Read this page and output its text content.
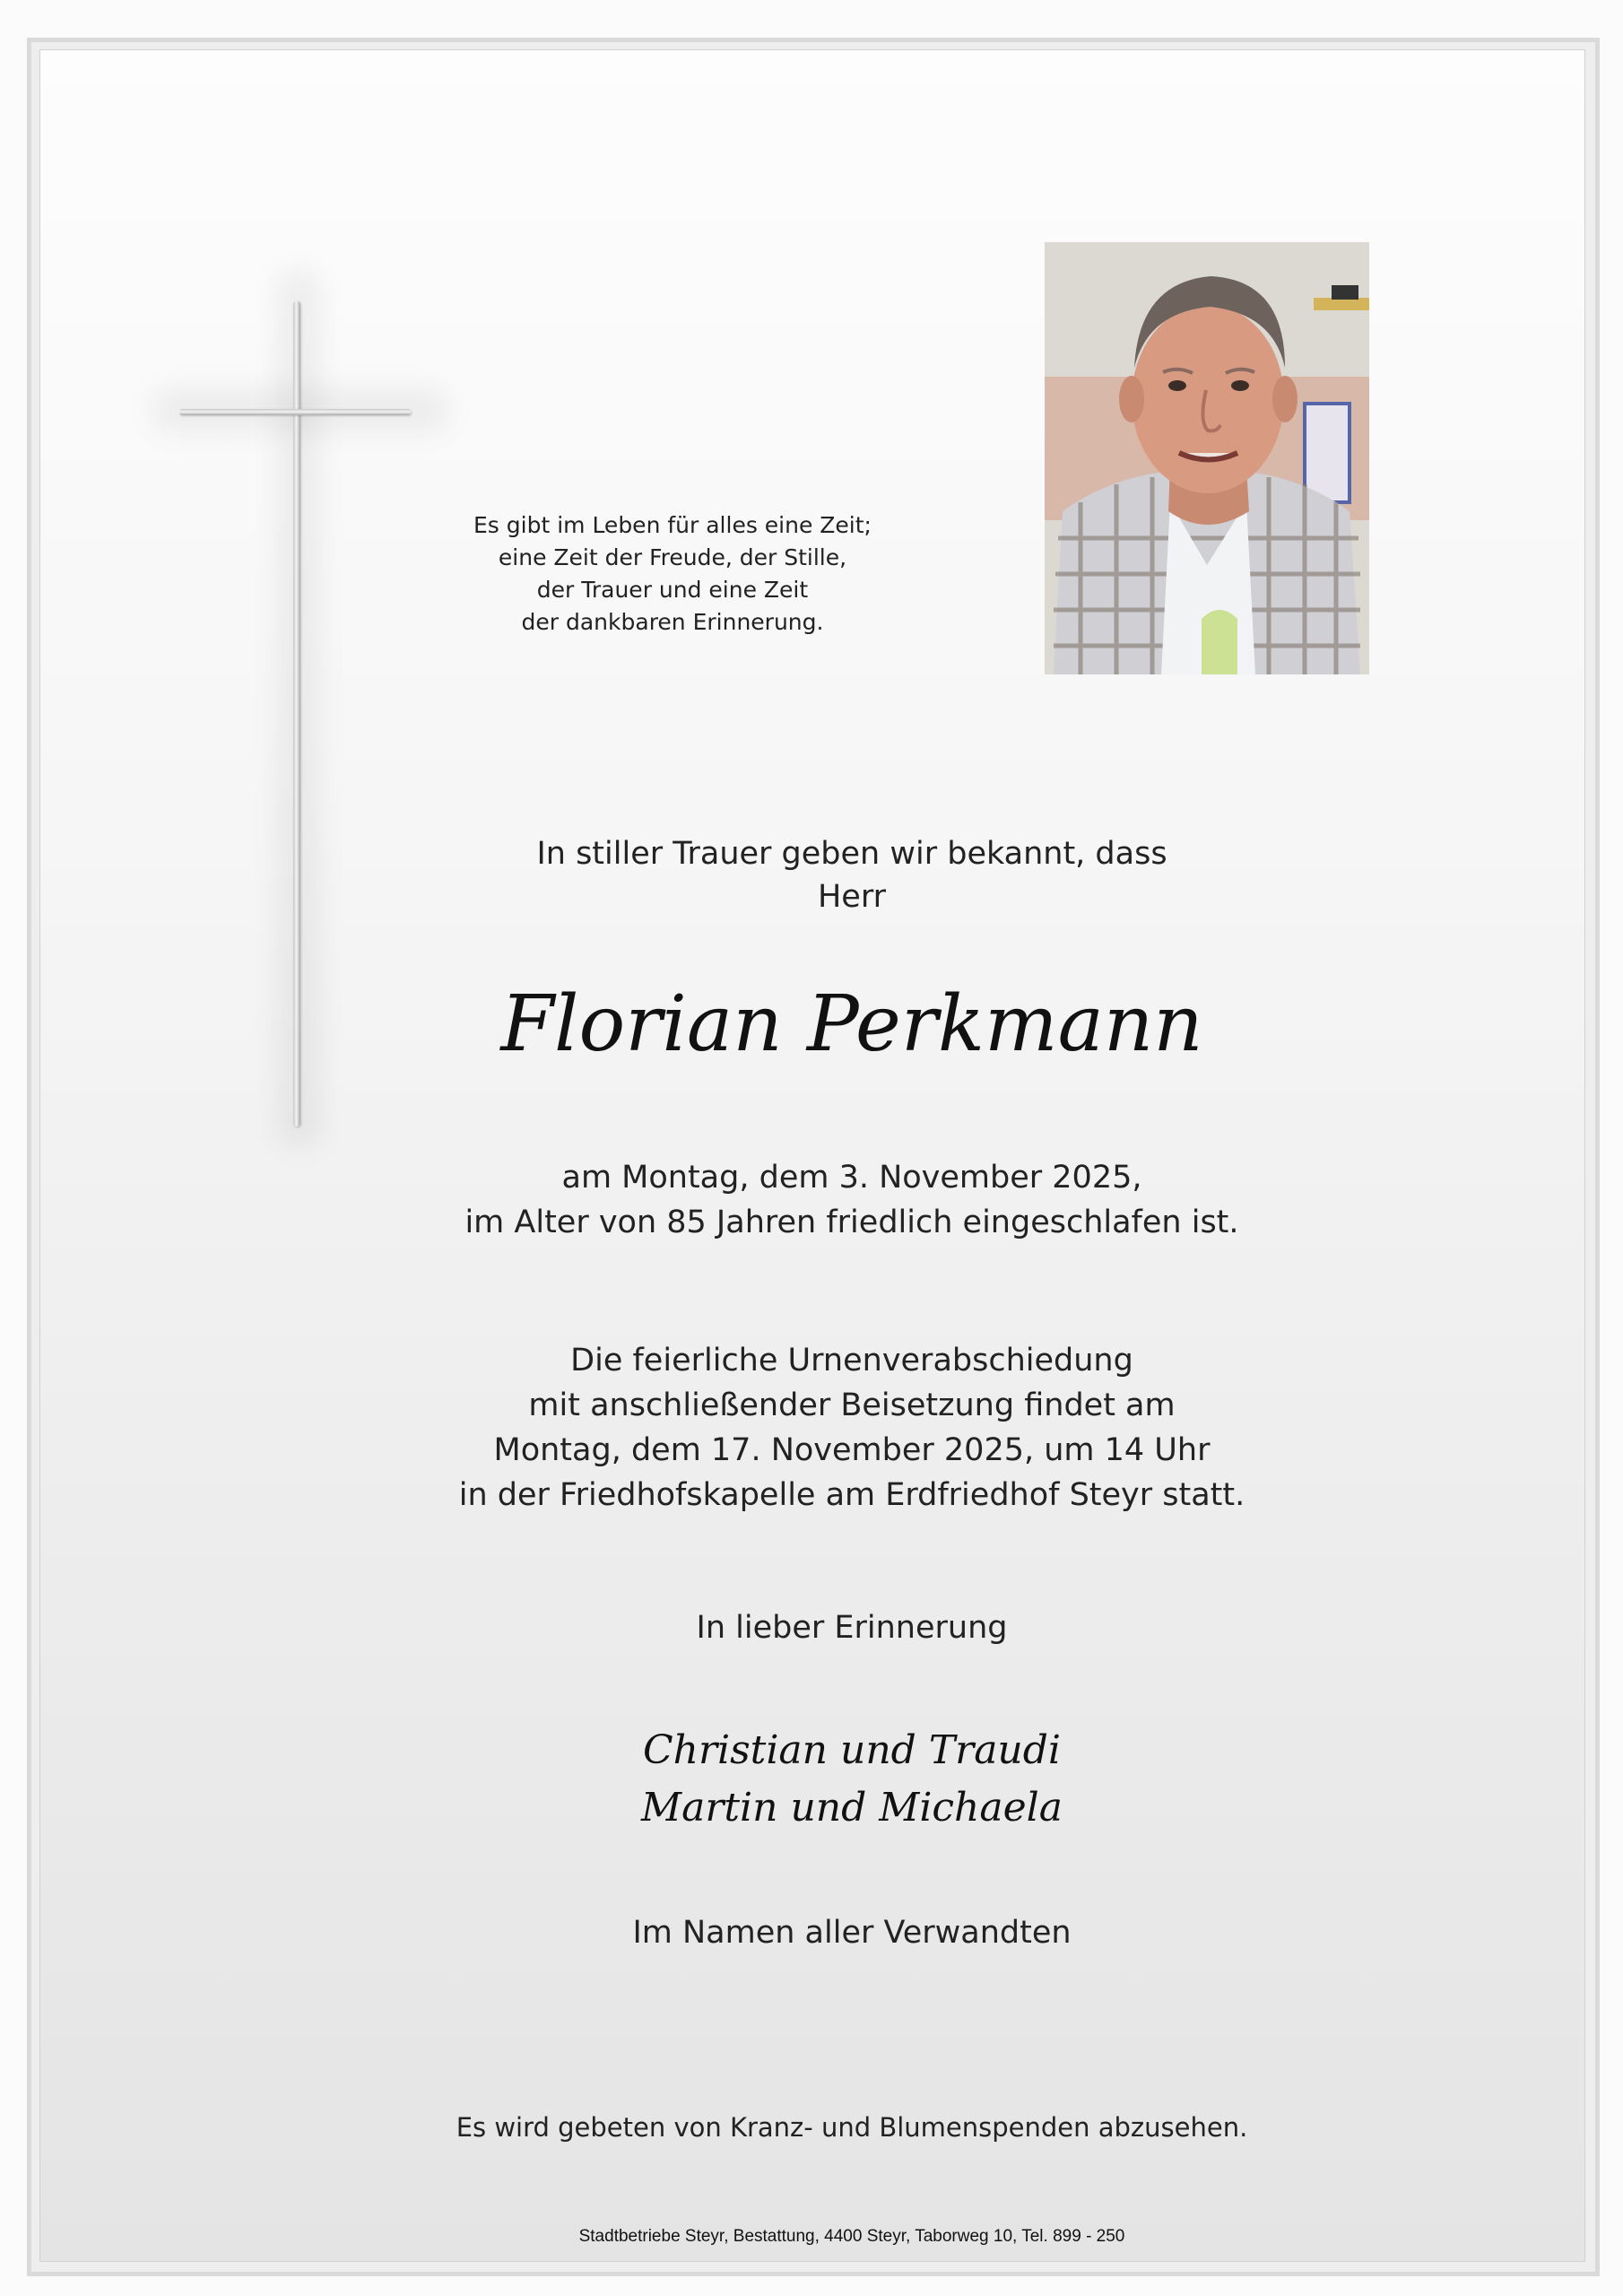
Es gibt im Leben für alles eine Zeit;
eine Zeit der Freude, der Stille,
der Trauer und eine Zeit
der dankbaren Erinnerung.
In stiller Trauer geben wir bekannt, dass Herr
Florian Perkmann
am Montag, dem 3. November 2025,
im Alter von 85 Jahren friedlich eingeschlafen ist.
Die feierliche Urnenverabschiedung
mit anschließender Beisetzung findet am
Montag, dem 17. November 2025, um 14 Uhr
in der Friedhofskapelle am Erdfriedhof Steyr statt.
In lieber Erinnerung
Christian und Traudi
Martin und Michaela
Im Namen aller Verwandten
Es wird gebeten von Kranz- und Blumenspenden abzusehen.
Stadtbetriebe Steyr, Bestattung, 4400 Steyr, Taborweg 10, Tel. 899 - 250
